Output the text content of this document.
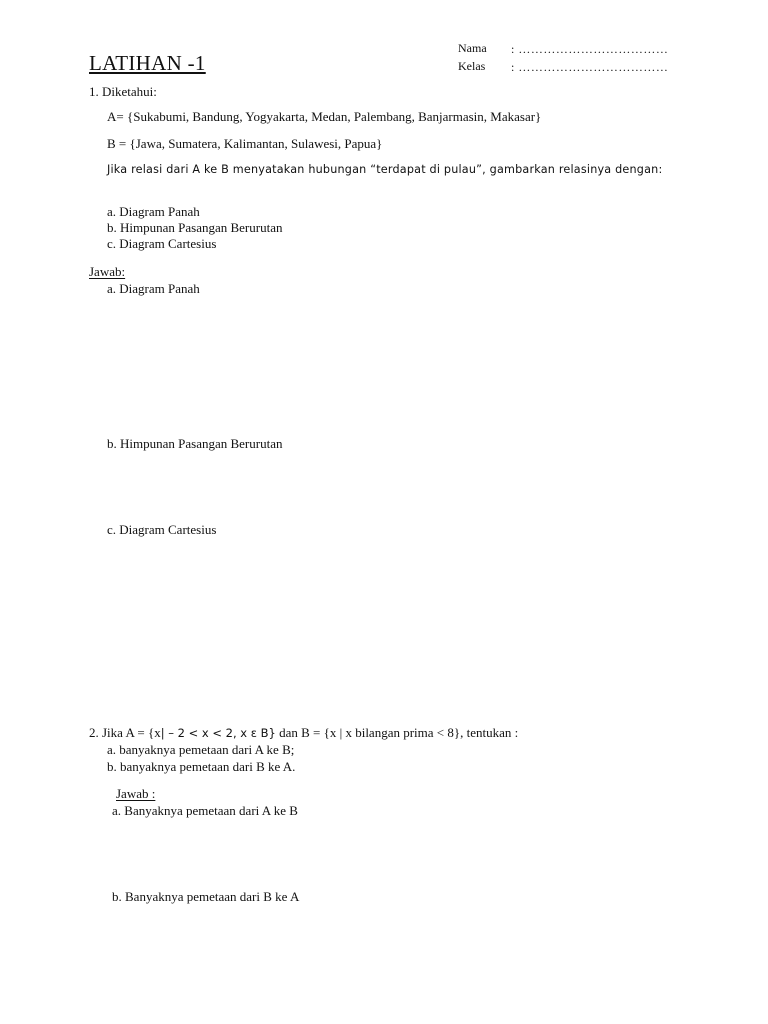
LATIHAN -1
Nama : ………………………………
Kelas : ………………………………
1. Diketahui:
A= {Sukabumi, Bandung, Yogyakarta, Medan, Palembang, Banjarmasin, Makasar}
B = {Jawa, Sumatera, Kalimantan, Sulawesi, Papua}
Jika relasi dari A ke B menyatakan hubungan “terdapat di pulau”, gambarkan relasinya dengan:
a. Diagram Panah
b. Himpunan Pasangan Berurutan
c. Diagram Cartesius
Jawab:
a. Diagram Panah
b. Himpunan Pasangan Berurutan
c. Diagram Cartesius
2. Jika A = {x| – 2 < x < 2, x ε B} dan B = {x | x bilangan prima < 8}, tentukan :
a. banyaknya pemetaan dari A ke B;
b. banyaknya pemetaan dari B ke A.
Jawab :
a. Banyaknya pemetaan dari A ke B
b. Banyaknya pemetaan dari B ke A
